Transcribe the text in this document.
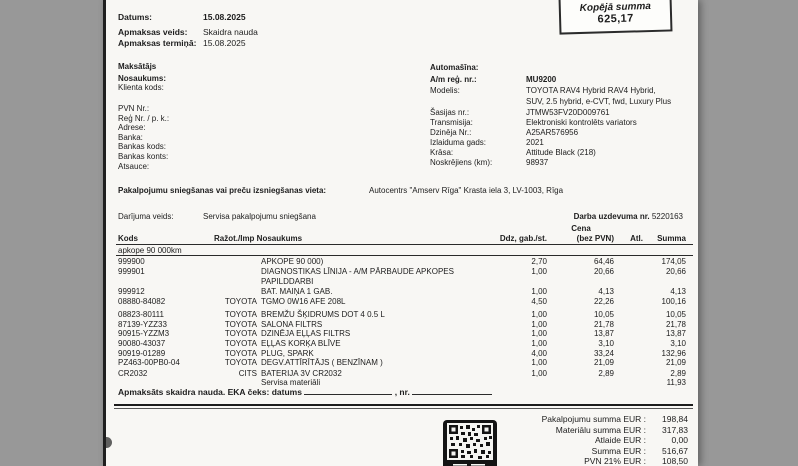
Datums:	15.08.2025
Apmaksas veids: Skaidra nauda
Apmaksas termiņā: 15.08.2025
Kopējā summa
625,17
Maksātājs
Nosaukums:
Klienta kods:
PVN Nr.:
Reģ Nr. / p. k.:
Adrese:
Banka:
Bankas kods:
Bankas konts:
Atsauce:
Automašīna:
A/m reģ. nr.:	MU9200
Modelis:	TOYOTA RAV4 Hybrid RAV4 Hybrid,
SUV, 2.5 hybrid, e-CVT, fwd, Luxury Plus
Šasijas nr.:	JTMW53FV20D009761
Transmisija:	Elektroniski kontrolēts variators
Dzinēja Nr.:	A25AR576956
Izlaiduma gads:	2021
Krāsa:	Attitude Black (218)
Noskrējiens (km):	98937
Pakalpojumu sniegšanas vai preču izsniegšanas vieta:	Autocentrs "Amserv Rīga" Krasta iela 3, LV-1003, Rīga
Darījuma veids:	Servisa pakalpojumu sniegšana	Darba uzdevuma nr. 5220163
Cena
Kods	Ražot./Imp Nosaukums	Ddz, gab./st.	(bez PVN)	Atl.	Summa
apkope 90 000km
999900	APKOPE 90 000)	2,70	64,46	174,05
999901	DIAGNOSTIKAS LĪNIJA - A/M PĀRBAUDE APKOPES	1,00	20,66	20,66
PAPILDDARBI
999912	BAT. MAIŅA 1 GAB.	1,00	4,13	4,13
08880-84082	TOYOTA TGMO 0W16 AFE 208L	4,50	22,26	100,16
08823-80111	TOYOTA BREMŽU ŠĶIDRUMS DOT 4 0.5 L	1,00	10,05	10,05
87139-YZZ33	TOYOTA SALONA FILTRS	1,00	21,78	21,78
90915-YZZM3	TOYOTA DZINĒJA EĻĻAS FILTRS	1,00	13,87	13,87
90080-43037	TOYOTA EĻĻAS KORĶA BLĪVE	1,00	3,10	3,10
90919-01289	TOYOTA PLUG, SPARK	4,00	33,24	132,96
PZ463-00PB0-04	TOYOTA DEGV.ATTĪRĪTĀJS ( BENZĪNAM )	1,00	21,09	21,09
CR2032	CITS BATERIJA 3V CR2032	1,00	2,89	2,89
Servisa materiāli	11,93
Apmaksāts skaidra nauda. EKA čeks: datums	, nr.
Pakalpojumu summa EUR :	198,84
Materiālu summa EUR :	317,83
Atlaide EUR :	0,00
Summa EUR :	516,67
PVN 21% EUR :	108,50
